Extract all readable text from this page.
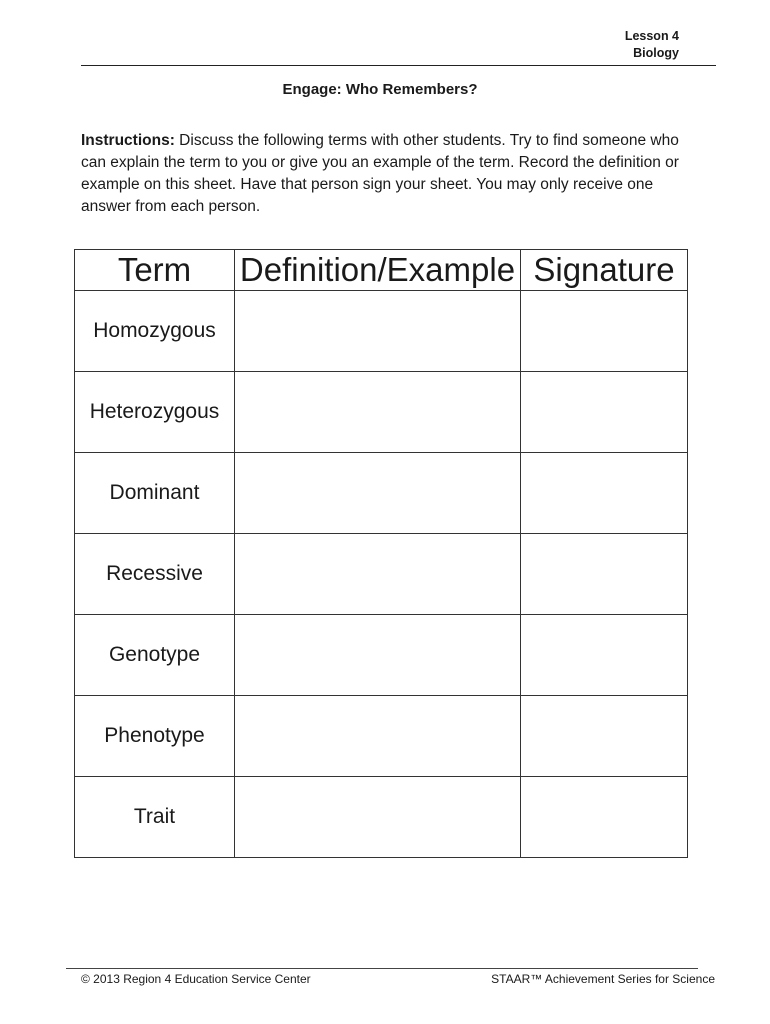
Lesson 4
Biology
Engage: Who Remembers?
Instructions: Discuss the following terms with other students. Try to find someone who can explain the term to you or give you an example of the term. Record the definition or example on this sheet. Have that person sign your sheet. You may only receive one answer from each person.
Term	Definition/Example	Signature
Homozygous		
Heterozygous		
Dominant		
Recessive		
Genotype		
Phenotype		
Trait		
© 2013 Region 4 Education Service Center	STAAR™ Achievement Series for Science
